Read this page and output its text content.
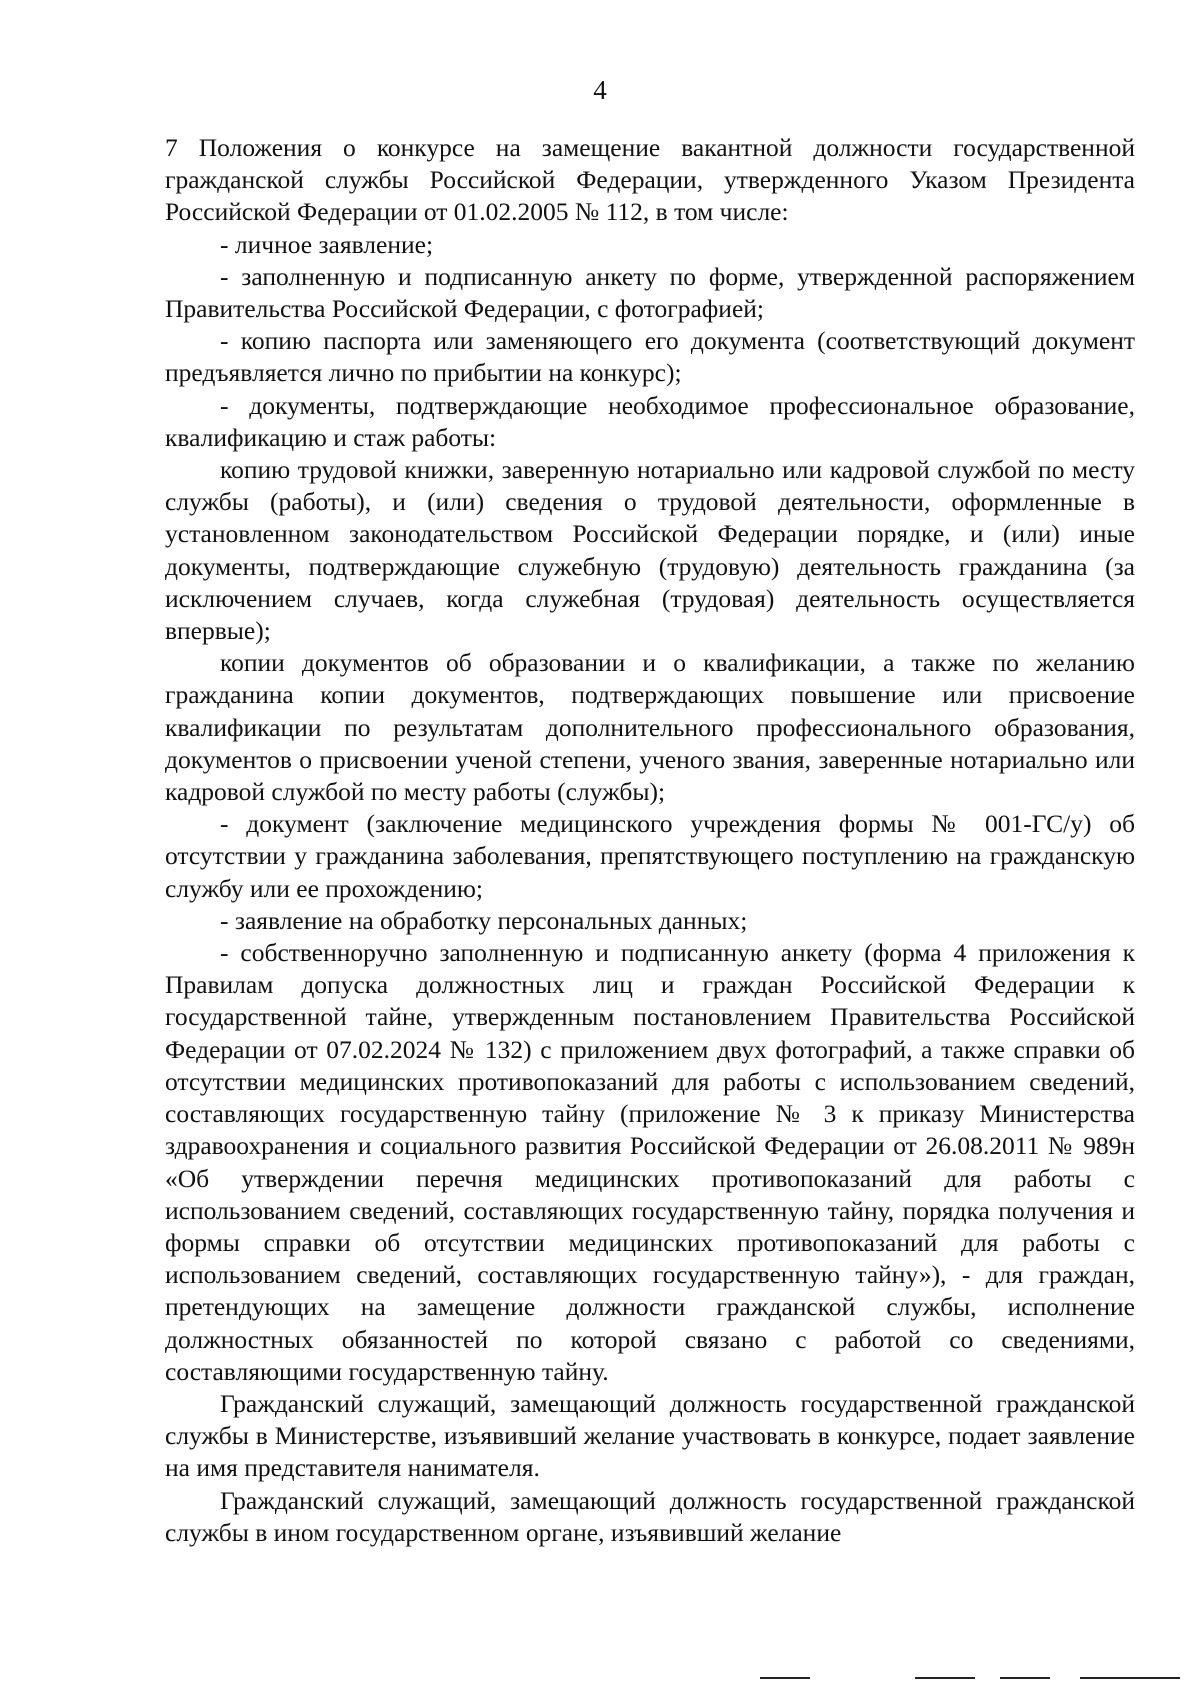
4

7 Положения о конкурсе на замещение вакантной должности государственной гражданской службы Российской Федерации, утвержденного Указом Президента Российской Федерации от 01.02.2005 № 112, в том числе:

- личное заявление;

- заполненную и подписанную анкету по форме, утвержденной распоряжением Правительства Российской Федерации, с фотографией;

- копию паспорта или заменяющего его документа (соответствующий документ предъявляется лично по прибытии на конкурс);

- документы, подтверждающие необходимое профессиональное образование, квалификацию и стаж работы:

копию трудовой книжки, заверенную нотариально или кадровой службой по месту службы (работы), и (или) сведения о трудовой деятельности, оформленные в установленном законодательством Российской Федерации порядке, и (или) иные документы, подтверждающие служебную (трудовую) деятельность гражданина (за исключением случаев, когда служебная (трудовая) деятельность осуществляется впервые);

копии документов об образовании и о квалификации, а также по желанию гражданина копии документов, подтверждающих повышение или присвоение квалификации по результатам дополнительного профессионального образования, документов о присвоении ученой степени, ученого звания, заверенные нотариально или кадровой службой по месту работы (службы);

- документ (заключение медицинского учреждения формы № 001-ГС/у) об отсутствии у гражданина заболевания, препятствующего поступлению на гражданскую службу или ее прохождению;

- заявление на обработку персональных данных;

- собственноручно заполненную и подписанную анкету (форма 4 приложения к Правилам допуска должностных лиц и граждан Российской Федерации к государственной тайне, утвержденным постановлением Правительства Российской Федерации от 07.02.2024 № 132) с приложением двух фотографий, а также справки об отсутствии медицинских противопоказаний для работы с использованием сведений, составляющих государственную тайну (приложение № 3 к приказу Министерства здравоохранения и социального развития Российской Федерации от 26.08.2011 № 989н «Об утверждении перечня медицинских противопоказаний для работы с использованием сведений, составляющих государственную тайну, порядка получения и формы справки об отсутствии медицинских противопоказаний для работы с использованием сведений, составляющих государственную тайну»), - для граждан, претендующих на замещение должности гражданской службы, исполнение должностных обязанностей по которой связано с работой со сведениями, составляющими государственную тайну.

Гражданский служащий, замещающий должность государственной гражданской службы в Министерстве, изъявивший желание участвовать в конкурсе, подает заявление на имя представителя нанимателя.

Гражданский служащий, замещающий должность государственной гражданской службы в ином государственном органе, изъявивший желание
